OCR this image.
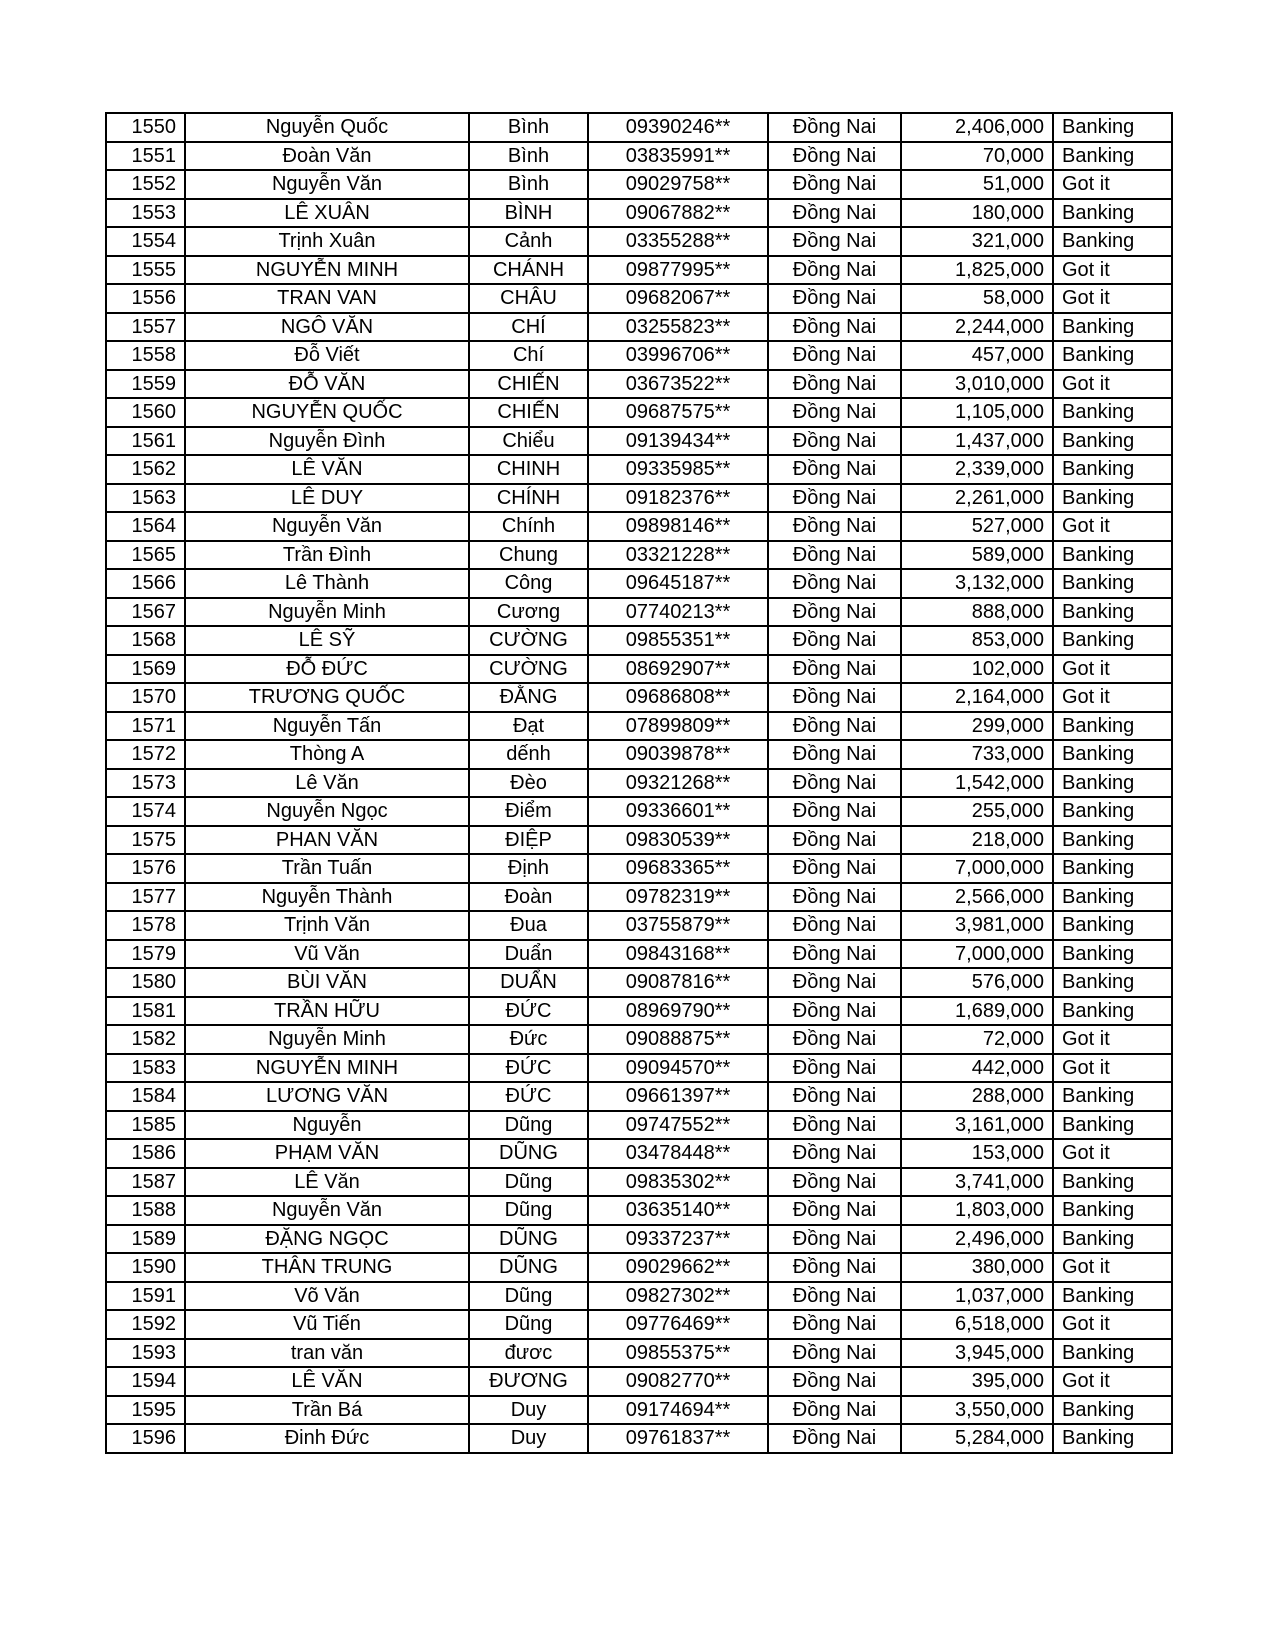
1550	Nguyễn Quốc	Bình	09390246**	Đồng Nai	2,406,000	Banking
1551	Đoàn Văn	Bình	03835991**	Đồng Nai	70,000	Banking
1552	Nguyễn Văn	Bình	09029758**	Đồng Nai	51,000	Got it
1553	LÊ XUÂN	BÌNH	09067882**	Đồng Nai	180,000	Banking
1554	Trịnh Xuân	Cảnh	03355288**	Đồng Nai	321,000	Banking
1555	NGUYỄN MINH	CHÁNH	09877995**	Đồng Nai	1,825,000	Got it
1556	TRAN VAN	CHÂU	09682067**	Đồng Nai	58,000	Got it
1557	NGÔ VĂN	CHÍ	03255823**	Đồng Nai	2,244,000	Banking
1558	Đỗ Viết	Chí	03996706**	Đồng Nai	457,000	Banking
1559	ĐỖ VĂN	CHIẾN	03673522**	Đồng Nai	3,010,000	Got it
1560	NGUYỄN QUỐC	CHIẾN	09687575**	Đồng Nai	1,105,000	Banking
1561	Nguyễn Đình	Chiểu	09139434**	Đồng Nai	1,437,000	Banking
1562	LÊ VĂN	CHINH	09335985**	Đồng Nai	2,339,000	Banking
1563	LÊ DUY	CHÍNH	09182376**	Đồng Nai	2,261,000	Banking
1564	Nguyễn Văn	Chính	09898146**	Đồng Nai	527,000	Got it
1565	Trần Đình	Chung	03321228**	Đồng Nai	589,000	Banking
1566	Lê Thành	Công	09645187**	Đồng Nai	3,132,000	Banking
1567	Nguyễn Minh	Cương	07740213**	Đồng Nai	888,000	Banking
1568	LÊ SỸ	CƯỜNG	09855351**	Đồng Nai	853,000	Banking
1569	ĐỖ ĐỨC	CƯỜNG	08692907**	Đồng Nai	102,000	Got it
1570	TRƯƠNG QUỐC	ĐẰNG	09686808**	Đồng Nai	2,164,000	Got it
1571	Nguyễn Tấn	Đạt	07899809**	Đồng Nai	299,000	Banking
1572	Thòng A	dếnh	09039878**	Đồng Nai	733,000	Banking
1573	Lê Văn	Đèo	09321268**	Đồng Nai	1,542,000	Banking
1574	Nguyễn Ngọc	Điểm	09336601**	Đồng Nai	255,000	Banking
1575	PHAN VĂN	ĐIỆP	09830539**	Đồng Nai	218,000	Banking
1576	Trần Tuấn	Định	09683365**	Đồng Nai	7,000,000	Banking
1577	Nguyễn Thành	Đoàn	09782319**	Đồng Nai	2,566,000	Banking
1578	Trịnh Văn	Đua	03755879**	Đồng Nai	3,981,000	Banking
1579	Vũ Văn	Duẩn	09843168**	Đồng Nai	7,000,000	Banking
1580	BÙI VĂN	DUẨN	09087816**	Đồng Nai	576,000	Banking
1581	TRẦN HỮU	ĐỨC	08969790**	Đồng Nai	1,689,000	Banking
1582	Nguyễn Minh	Đức	09088875**	Đồng Nai	72,000	Got it
1583	NGUYỄN MINH	ĐỨC	09094570**	Đồng Nai	442,000	Got it
1584	LƯƠNG VĂN	ĐỨC	09661397**	Đồng Nai	288,000	Banking
1585	Nguyễn	Dũng	09747552**	Đồng Nai	3,161,000	Banking
1586	PHẠM VĂN	DŨNG	03478448**	Đồng Nai	153,000	Got it
1587	LÊ Văn	Dũng	09835302**	Đồng Nai	3,741,000	Banking
1588	Nguyễn Văn	Dũng	03635140**	Đồng Nai	1,803,000	Banking
1589	ĐẶNG NGỌC	DŨNG	09337237**	Đồng Nai	2,496,000	Banking
1590	THÂN TRUNG	DŨNG	09029662**	Đồng Nai	380,000	Got it
1591	Võ Văn	Dũng	09827302**	Đồng Nai	1,037,000	Banking
1592	Vũ Tiến	Dũng	09776469**	Đồng Nai	6,518,000	Got it
1593	tran văn	đươc	09855375**	Đồng Nai	3,945,000	Banking
1594	LÊ VĂN	ĐƯƠNG	09082770**	Đồng Nai	395,000	Got it
1595	Trần Bá	Duy	09174694**	Đồng Nai	3,550,000	Banking
1596	Đinh Đức	Duy	09761837**	Đồng Nai	5,284,000	Banking
